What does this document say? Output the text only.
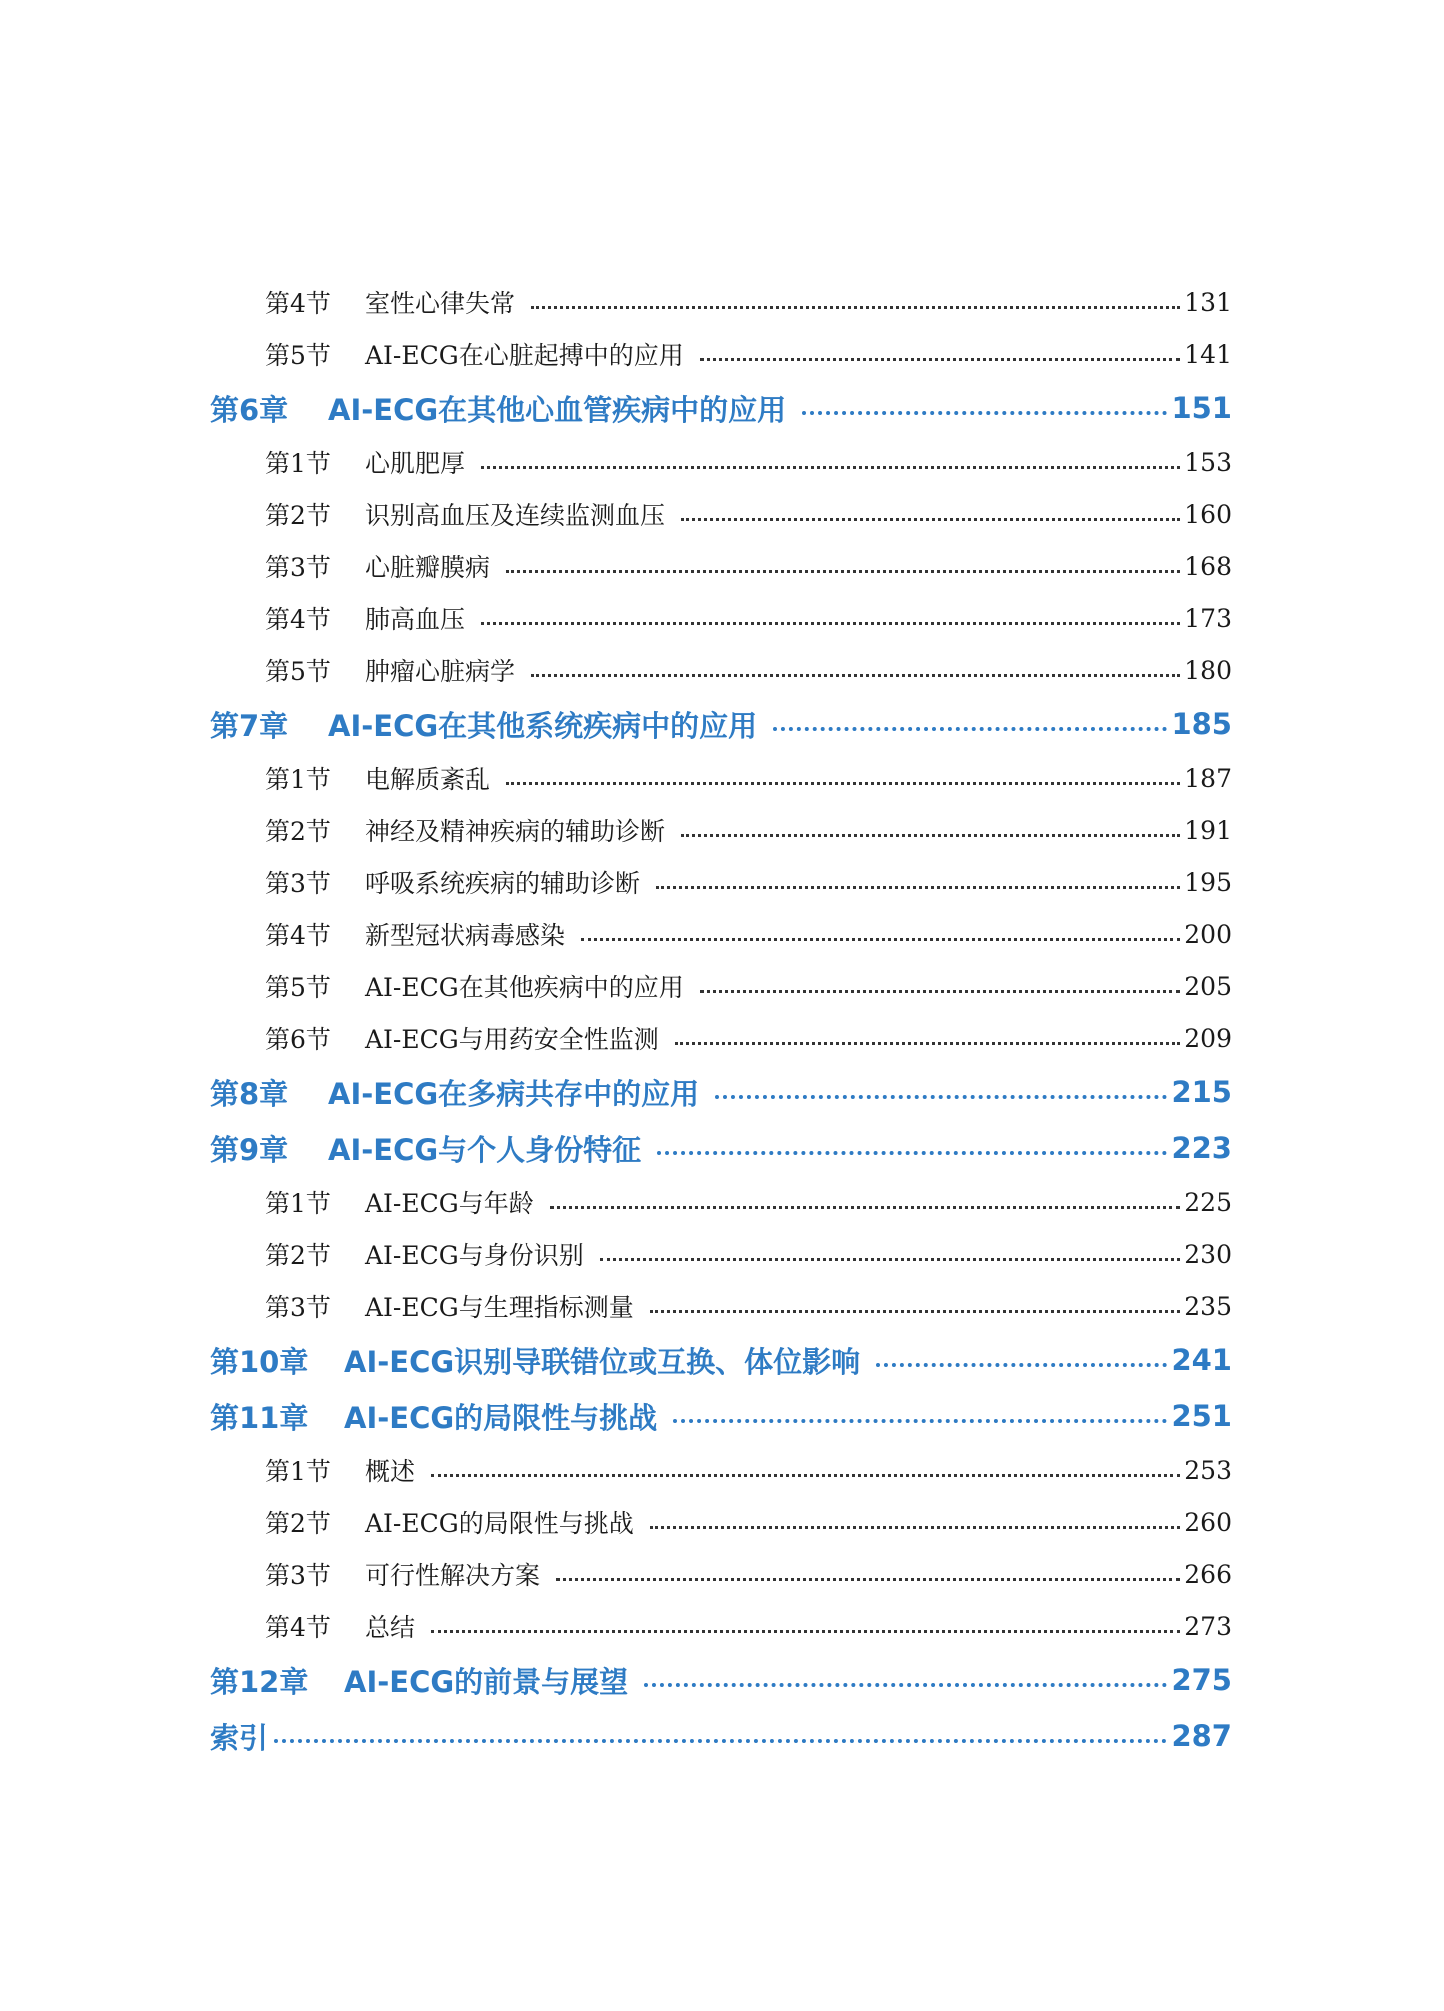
第4节	室性心律失常	131
第5节	AI-ECG在心脏起搏中的应用	141
第6章	AI-ECG在其他心血管疾病中的应用	151
第1节	心肌肥厚	153
第2节	识别高血压及连续监测血压	160
第3节	心脏瓣膜病	168
第4节	肺高血压	173
第5节	肿瘤心脏病学	180
第7章	AI-ECG在其他系统疾病中的应用	185
第1节	电解质紊乱	187
第2节	神经及精神疾病的辅助诊断	191
第3节	呼吸系统疾病的辅助诊断	195
第4节	新型冠状病毒感染	200
第5节	AI-ECG在其他疾病中的应用	205
第6节	AI-ECG与用药安全性监测	209
第8章	AI-ECG在多病共存中的应用	215
第9章	AI-ECG与个人身份特征	223
第1节	AI-ECG与年龄	225
第2节	AI-ECG与身份识别	230
第3节	AI-ECG与生理指标测量	235
第10章	AI-ECG识别导联错位或互换、体位影响	241
第11章	AI-ECG的局限性与挑战	251
第1节	概述	253
第2节	AI-ECG的局限性与挑战	260
第3节	可行性解决方案	266
第4节	总结	273
第12章	AI-ECG的前景与展望	275
索引	287
